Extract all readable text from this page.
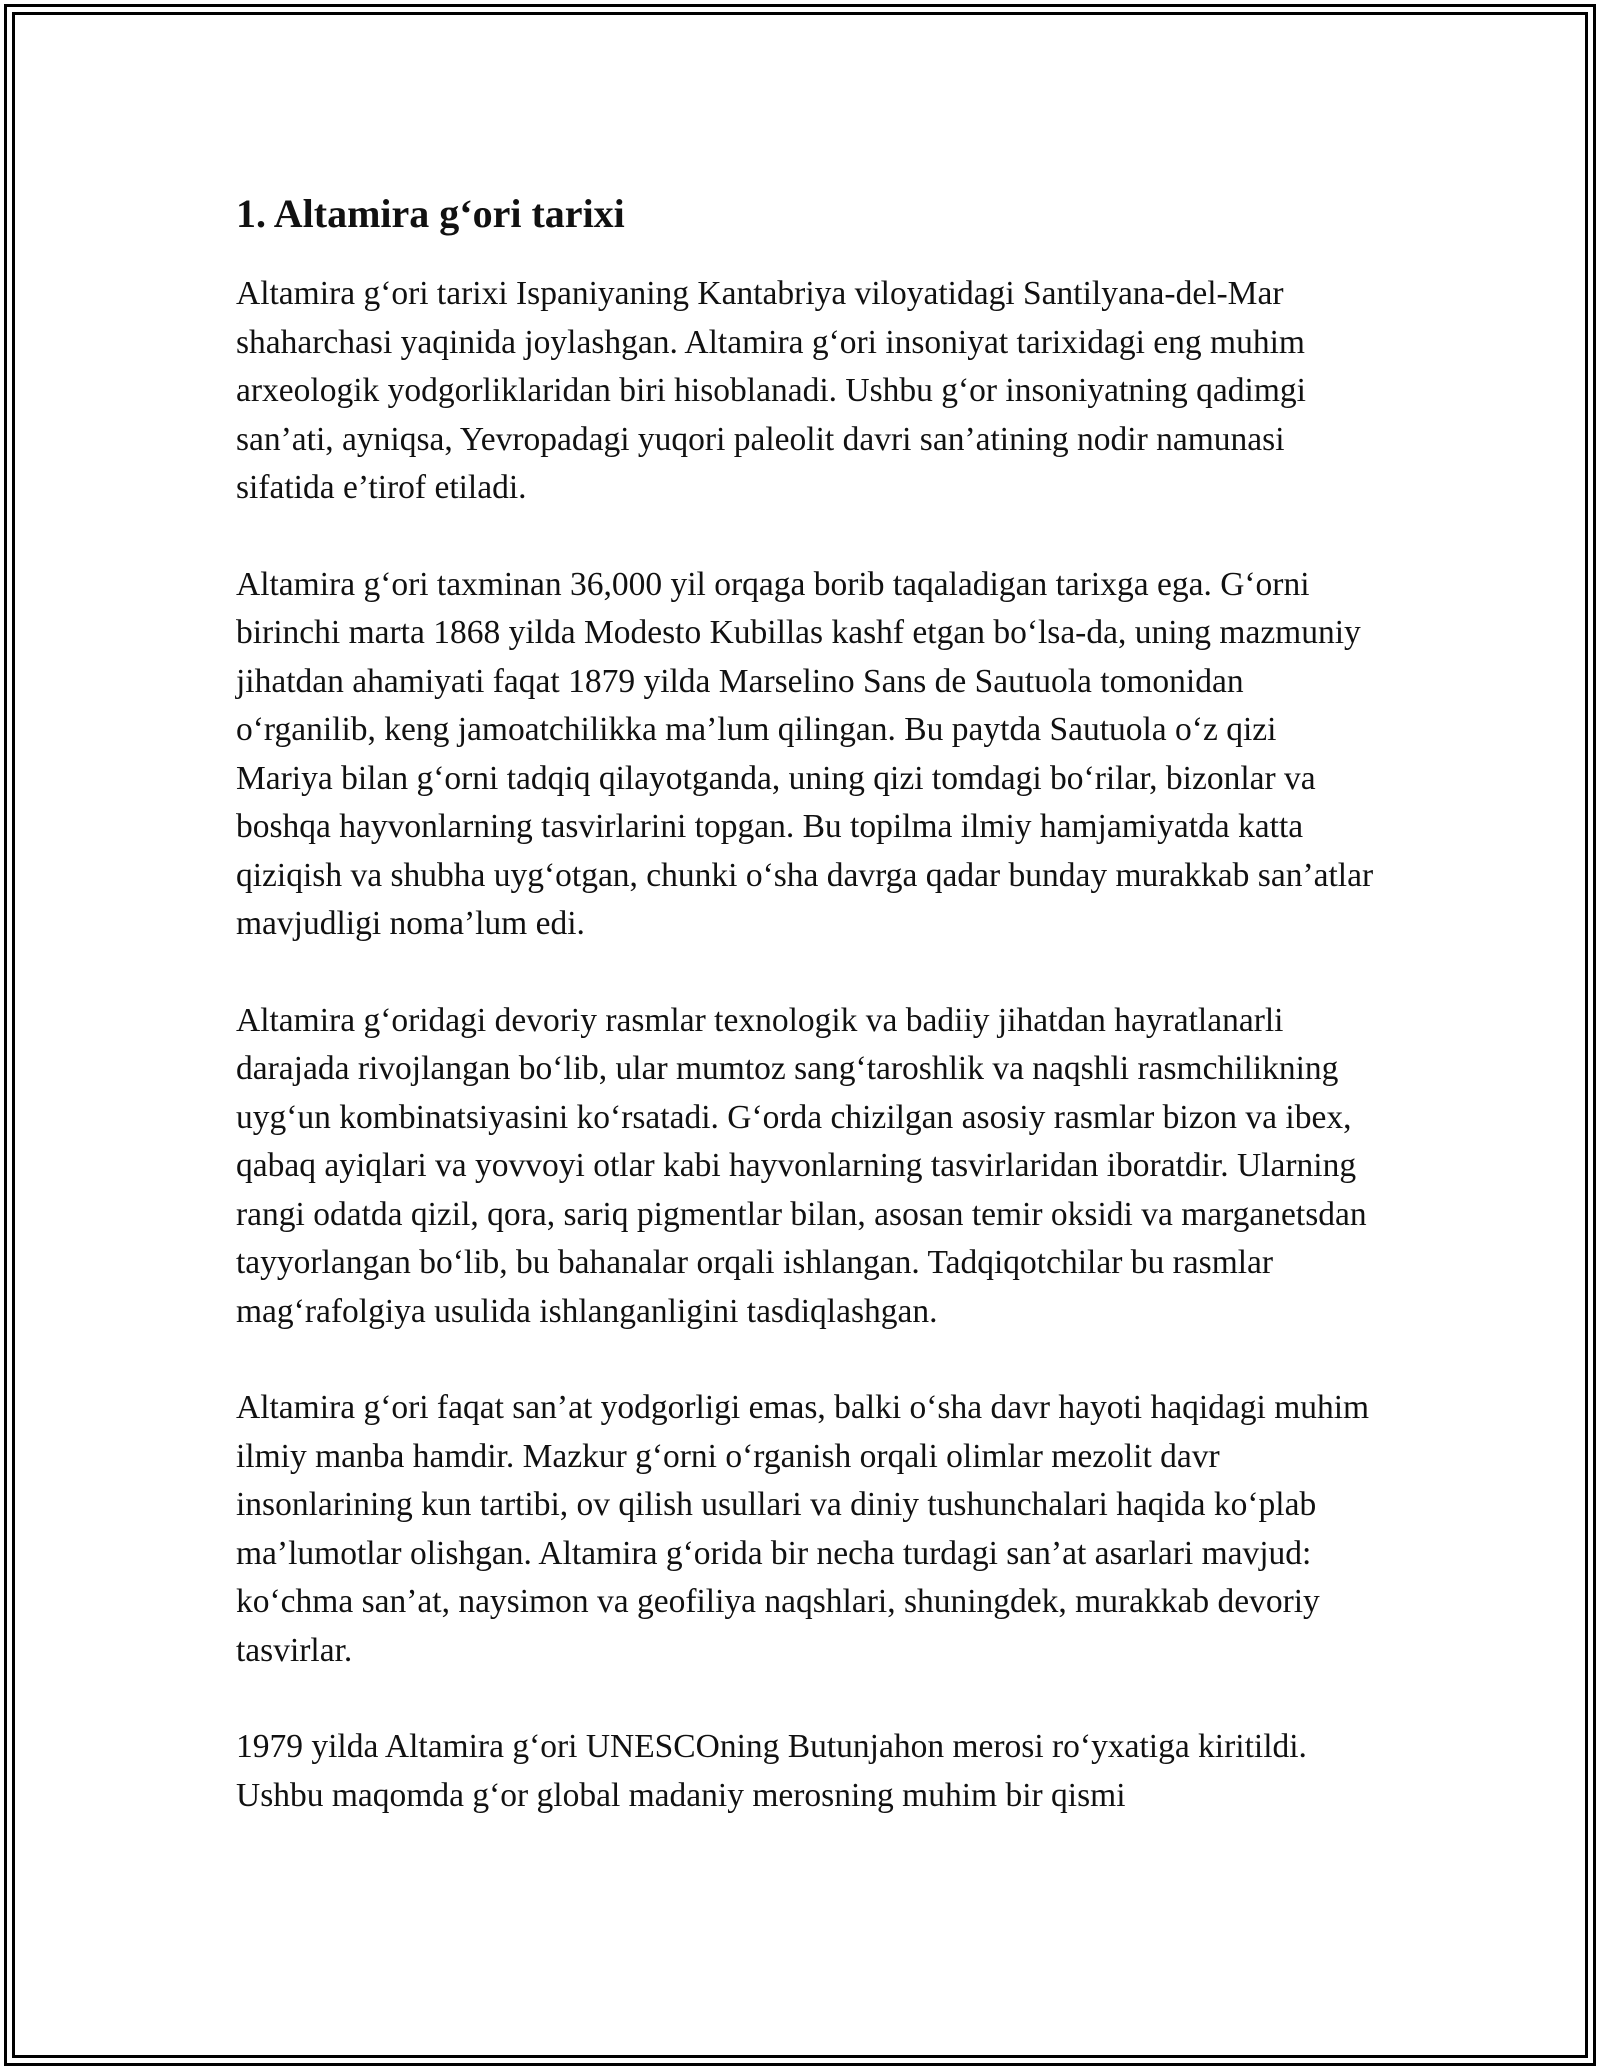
1. Altamira g‘ori tarixi

Altamira g‘ori tarixi Ispaniyaning Kantabriya viloyatidagi Santilyana-del-Mar shaharchasi yaqinida joylashgan. Altamira g‘ori insoniyat tarixidagi eng muhim arxeologik yodgorliklaridan biri hisoblanadi. Ushbu g‘or insoniyatning qadimgi san’ati, ayniqsa, Yevropadagi yuqori paleolit davri san’atining nodir namunasi sifatida e’tirof etiladi.

Altamira g‘ori taxminan 36,000 yil orqaga borib taqaladigan tarixga ega. G‘orni birinchi marta 1868 yilda Modesto Kubillas kashf etgan bo‘lsa-da, uning mazmuniy jihatdan ahamiyati faqat 1879 yilda Marselino Sans de Sautuola tomonidan o‘rganilib, keng jamoatchilikka ma’lum qilingan. Bu paytda Sautuola o‘z qizi Mariya bilan g‘orni tadqiq qilayotganda, uning qizi tomdagi bo‘rilar, bizonlar va boshqa hayvonlarning tasvirlarini topgan. Bu topilma ilmiy hamjamiyatda katta qiziqish va shubha uyg‘otgan, chunki o‘sha davrga qadar bunday murakkab san’atlar mavjudligi noma’lum edi.

Altamira g‘oridagi devoriy rasmlar texnologik va badiiy jihatdan hayratlanarli darajada rivojlangan bo‘lib, ular mumtoz sang‘taroshlik va naqshli rasmchilikning uyg‘un kombinatsiyasini ko‘rsatadi. G‘orda chizilgan asosiy rasmlar bizon va ibex, qabaq ayiqlari va yovvoyi otlar kabi hayvonlarning tasvirlaridan iboratdir. Ularning rangi odatda qizil, qora, sariq pigmentlar bilan, asosan temir oksidi va marganetsdan tayyorlangan bo‘lib, bu bahanalar orqali ishlangan. Tadqiqotchilar bu rasmlar mag‘rafolgiya usulida ishlanganligini tasdiqlashgan.

Altamira g‘ori faqat san’at yodgorligi emas, balki o‘sha davr hayoti haqidagi muhim ilmiy manba hamdir. Mazkur g‘orni o‘rganish orqali olimlar mezolit davr insonlarining kun tartibi, ov qilish usullari va diniy tushunchalari haqida ko‘plab ma’lumotlar olishgan. Altamira g‘orida bir necha turdagi san’at asarlari mavjud: ko‘chma san’at, naysimon va geofiliya naqshlari, shuningdek, murakkab devoriy tasvirlar.

1979 yilda Altamira g‘ori UNESCOning Butunjahon merosi ro‘yxatiga kiritildi. Ushbu maqomda g‘or global madaniy merosning muhim bir qismi
